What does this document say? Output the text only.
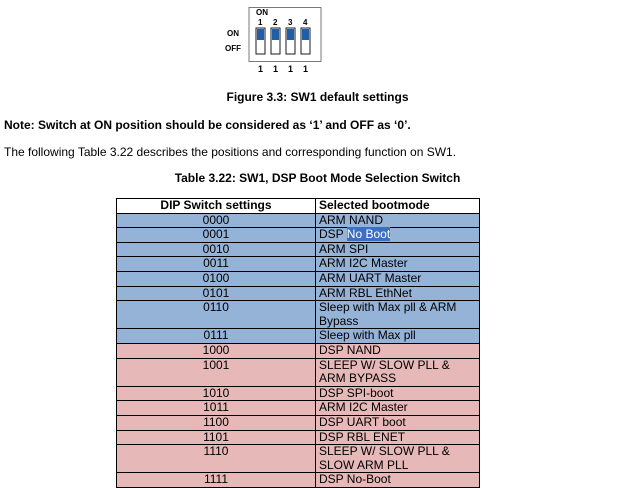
ON
1 2 3 4
ON
OFF
1 1 1 1
Figure 3.3: SW1 default settings
Note: Switch at ON position should be considered as ‘1’ and OFF as ‘0’.
The following Table 3.22 describes the positions and corresponding function on SW1.
Table 3.22: SW1, DSP Boot Mode Selection Switch
DIP Switch settings	Selected bootmode
0000	ARM NAND
0001	DSP No Boot
0010	ARM SPI
0011	ARM I2C Master
0100	ARM UART Master
0101	ARM RBL EthNet
0110	Sleep with Max pll & ARM Bypass
0111	Sleep with Max pll
1000	DSP NAND
1001	SLEEP W/ SLOW PLL & ARM BYPASS
1010	DSP SPI-boot
1011	ARM I2C Master
1100	DSP UART boot
1101	DSP RBL ENET
1110	SLEEP W/ SLOW PLL & SLOW ARM PLL
1111	DSP No-Boot
